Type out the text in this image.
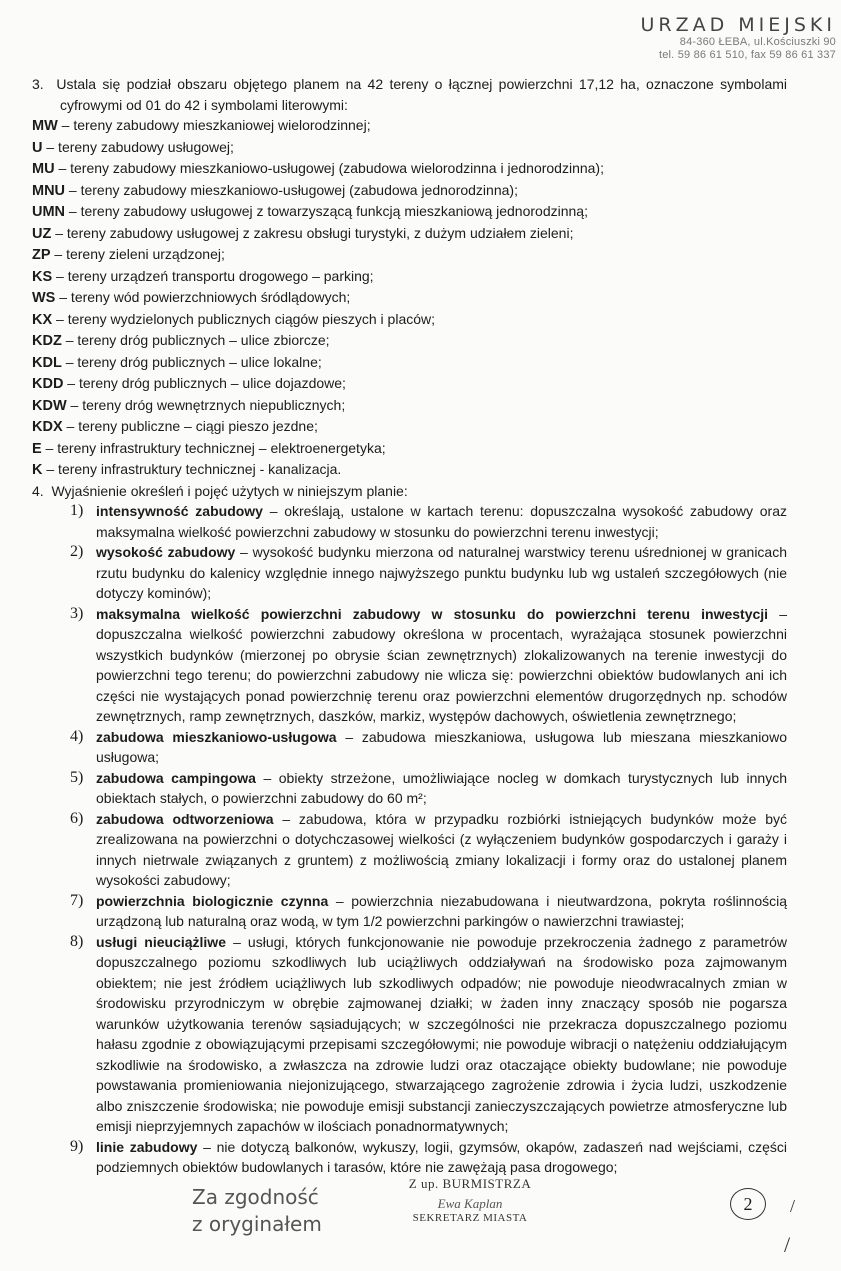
URZAD MIEJSKI
84-360 ŁEBA, ul.Kościuszki 90
tel. 59 86 61 510, fax 59 86 61 337
3. Ustala się podział obszaru objętego planem na 42 tereny o łącznej powierzchni 17,12 ha, oznaczone symbolami cyfrowymi od 01 do 42 i symbolami literowymi:
MW – tereny zabudowy mieszkaniowej wielorodzinnej;
U – tereny zabudowy usługowej;
MU – tereny zabudowy mieszkaniowo-usługowej (zabudowa wielorodzinna i jednorodzinna);
MNU – tereny zabudowy mieszkaniowo-usługowej (zabudowa jednorodzinna);
UMN – tereny zabudowy usługowej z towarzyszącą funkcją mieszkaniową jednorodzinną;
UZ – tereny zabudowy usługowej z zakresu obsługi turystyki, z dużym udziałem zieleni;
ZP – tereny zieleni urządzonej;
KS – tereny urządzeń transportu drogowego – parking;
WS – tereny wód powierzchniowych śródlądowych;
KX – tereny wydzielonych publicznych ciągów pieszych i placów;
KDZ – tereny dróg publicznych – ulice zbiorcze;
KDL – tereny dróg publicznych – ulice lokalne;
KDD – tereny dróg publicznych – ulice dojazdowe;
KDW – tereny dróg wewnętrznych niepublicznych;
KDX – tereny publiczne – ciągi pieszo jezdne;
E – tereny infrastruktury technicznej – elektroenergetyka;
K – tereny infrastruktury technicznej - kanalizacja.
4. Wyjaśnienie określeń i pojęć użytych w niniejszym planie:
1) intensywność zabudowy – określają, ustalone w kartach terenu: dopuszczalna wysokość zabudowy oraz maksymalna wielkość powierzchni zabudowy w stosunku do powierzchni terenu inwestycji;
2) wysokość zabudowy – wysokość budynku mierzona od naturalnej warstwicy terenu uśrednionej w granicach rzutu budynku do kalenicy względnie innego najwyższego punktu budynku lub wg ustaleń szczegółowych (nie dotyczy kominów);
3) maksymalna wielkość powierzchni zabudowy w stosunku do powierzchni terenu inwestycji – dopuszczalna wielkość powierzchni zabudowy określona w procentach, wyrażająca stosunek powierzchni wszystkich budynków (mierzonej po obrysie ścian zewnętrznych) zlokalizowanych na terenie inwestycji do powierzchni tego terenu; do powierzchni zabudowy nie wlicza się: powierzchni obiektów budowlanych ani ich części nie wystających ponad powierzchnię terenu oraz powierzchni elementów drugorzędnych np. schodów zewnętrznych, ramp zewnętrznych, daszków, markiz, występów dachowych, oświetlenia zewnętrznego;
4) zabudowa mieszkaniowo-usługowa – zabudowa mieszkaniowa, usługowa lub mieszana mieszkaniowo usługowa;
5) zabudowa campingowa – obiekty strzeżone, umożliwiające nocleg w domkach turystycznych lub innych obiektach stałych, o powierzchni zabudowy do 60 m²;
6) zabudowa odtworzeniowa – zabudowa, która w przypadku rozbiórki istniejących budynków może być zrealizowana na powierzchni o dotychczasowej wielkości (z wyłączeniem budynków gospodarczych i garaży i innych nietrwale związanych z gruntem) z możliwością zmiany lokalizacji i formy oraz do ustalonej planem wysokości zabudowy;
7) powierzchnia biologicznie czynna – powierzchnia niezabudowana i nieutwardzona, pokryta roślinnością urządzoną lub naturalną oraz wodą, w tym 1/2 powierzchni parkingów o nawierzchni trawiastej;
8) usługi nieuciążliwe – usługi, których funkcjonowanie nie powoduje przekroczenia żadnego z parametrów dopuszczalnego poziomu szkodliwych lub uciążliwych oddziaływań na środowisko poza zajmowanym obiektem; nie jest źródłem uciążliwych lub szkodliwych odpadów; nie powoduje nieodwracalnych zmian w środowisku przyrodniczym w obrębie zajmowanej działki; w żaden inny znaczący sposób nie pogarsza warunków użytkowania terenów sąsiadujących; w szczególności nie przekracza dopuszczalnego poziomu hałasu zgodnie z obowiązującymi przepisami szczegółowymi; nie powoduje wibracji o natężeniu oddziałującym szkodliwie na środowisko, a zwłaszcza na zdrowie ludzi oraz otaczające obiekty budowlane; nie powoduje powstawania promieniowania niejonizującego, stwarzającego zagrożenie zdrowia i życia ludzi, uszkodzenie albo zniszczenie środowiska; nie powoduje emisji substancji zanieczyszczających powietrze atmosferyczne lub emisji nieprzyjemnych zapachów w ilościach ponadnormatywnych;
9) linie zabudowy – nie dotyczą balkonów, wykuszy, logii, gzymsów, okapów, zadaszeń nad wejściami, części podziemnych obiektów budowlanych i tarasów, które nie zawężają pasa drogowego;
Za zgodność
z oryginałem
Z up. BURMISTRZA
Ewa Kaplan
SEKRETARZ MIASTA
2	/
/
